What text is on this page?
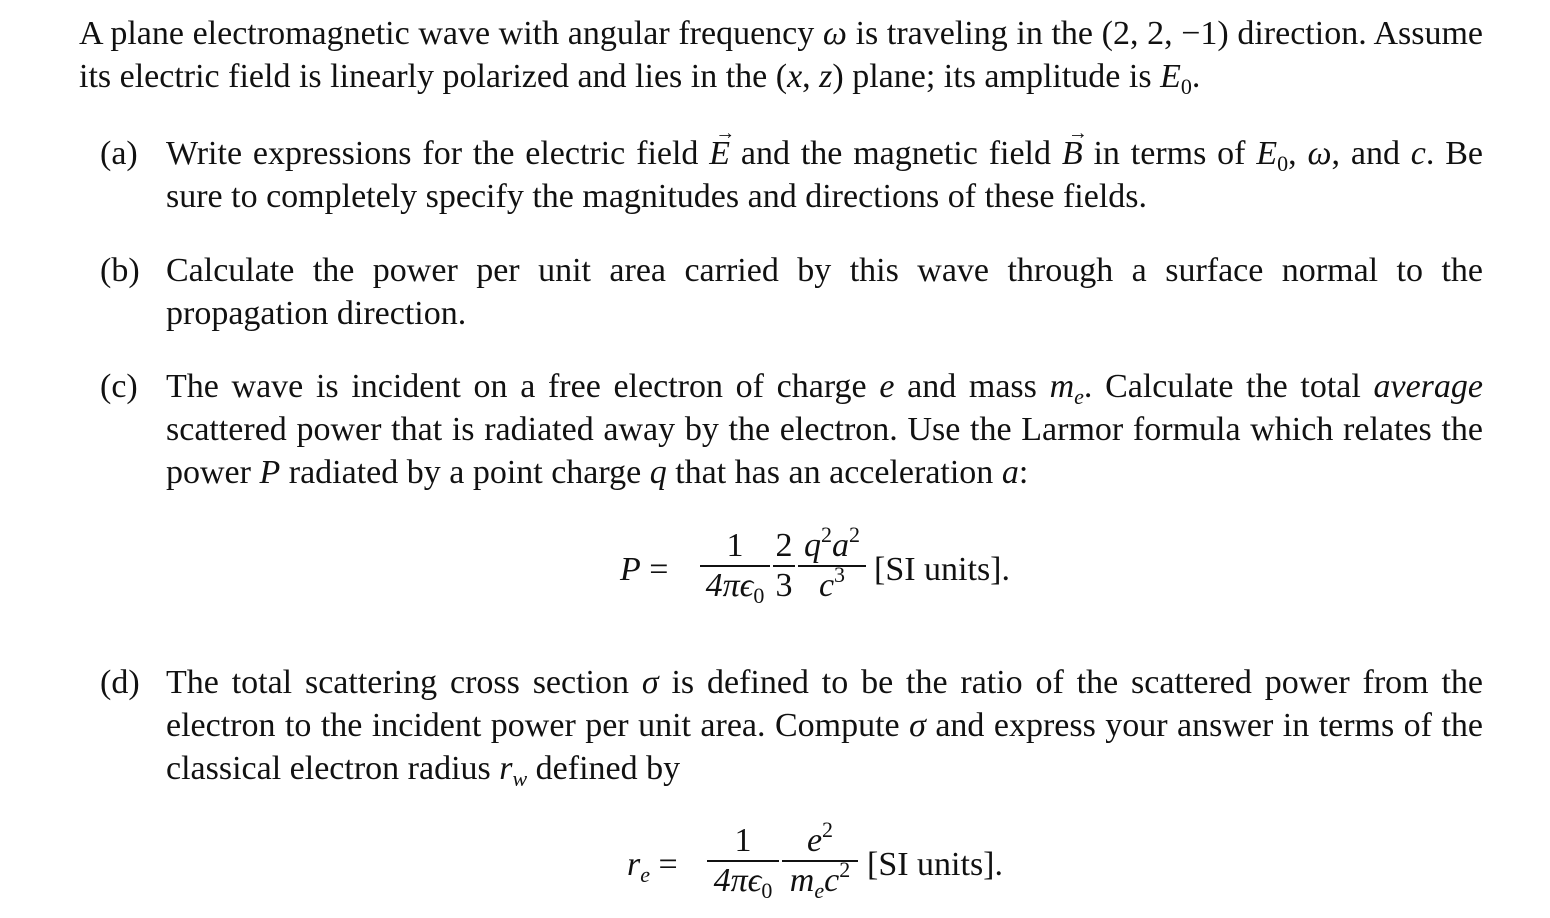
A plane electromagnetic wave with angular frequency ω is traveling in the (2, 2, −1) direction. Assume its electric field is linearly polarized and lies in the (x, z) plane; its amplitude is $E_0$.
(a) Write expressions for the electric field → E and the magnetic field → B in terms of $E_0$, ω, and c. Be sure to completely specify the magnitudes and directions of these fields.
(b) Calculate the power per unit area carried by this wave through a surface normal to the propagation direction.
(c) The wave is incident on a free electron of charge e and mass $m_e$. Calculate the total average scattered power that is radiated away by the electron. Use the Larmor formula which relates the power P radiated by a point charge q that has an acceleration a:
P =
1
$4\pi\epsilon_0$
2
3
$q^2a^2$
$c^3$ [SI units].
(d) The total scattering cross section σ is defined to be the ratio of the scattered power from the electron to the incident power per unit area. Compute σ and express your answer in terms of the classical electron radius $r_w$ defined by
$r_e$ =
1
$4\pi\epsilon_0$
$e^2$
$m_ec^2$ [SI units].
